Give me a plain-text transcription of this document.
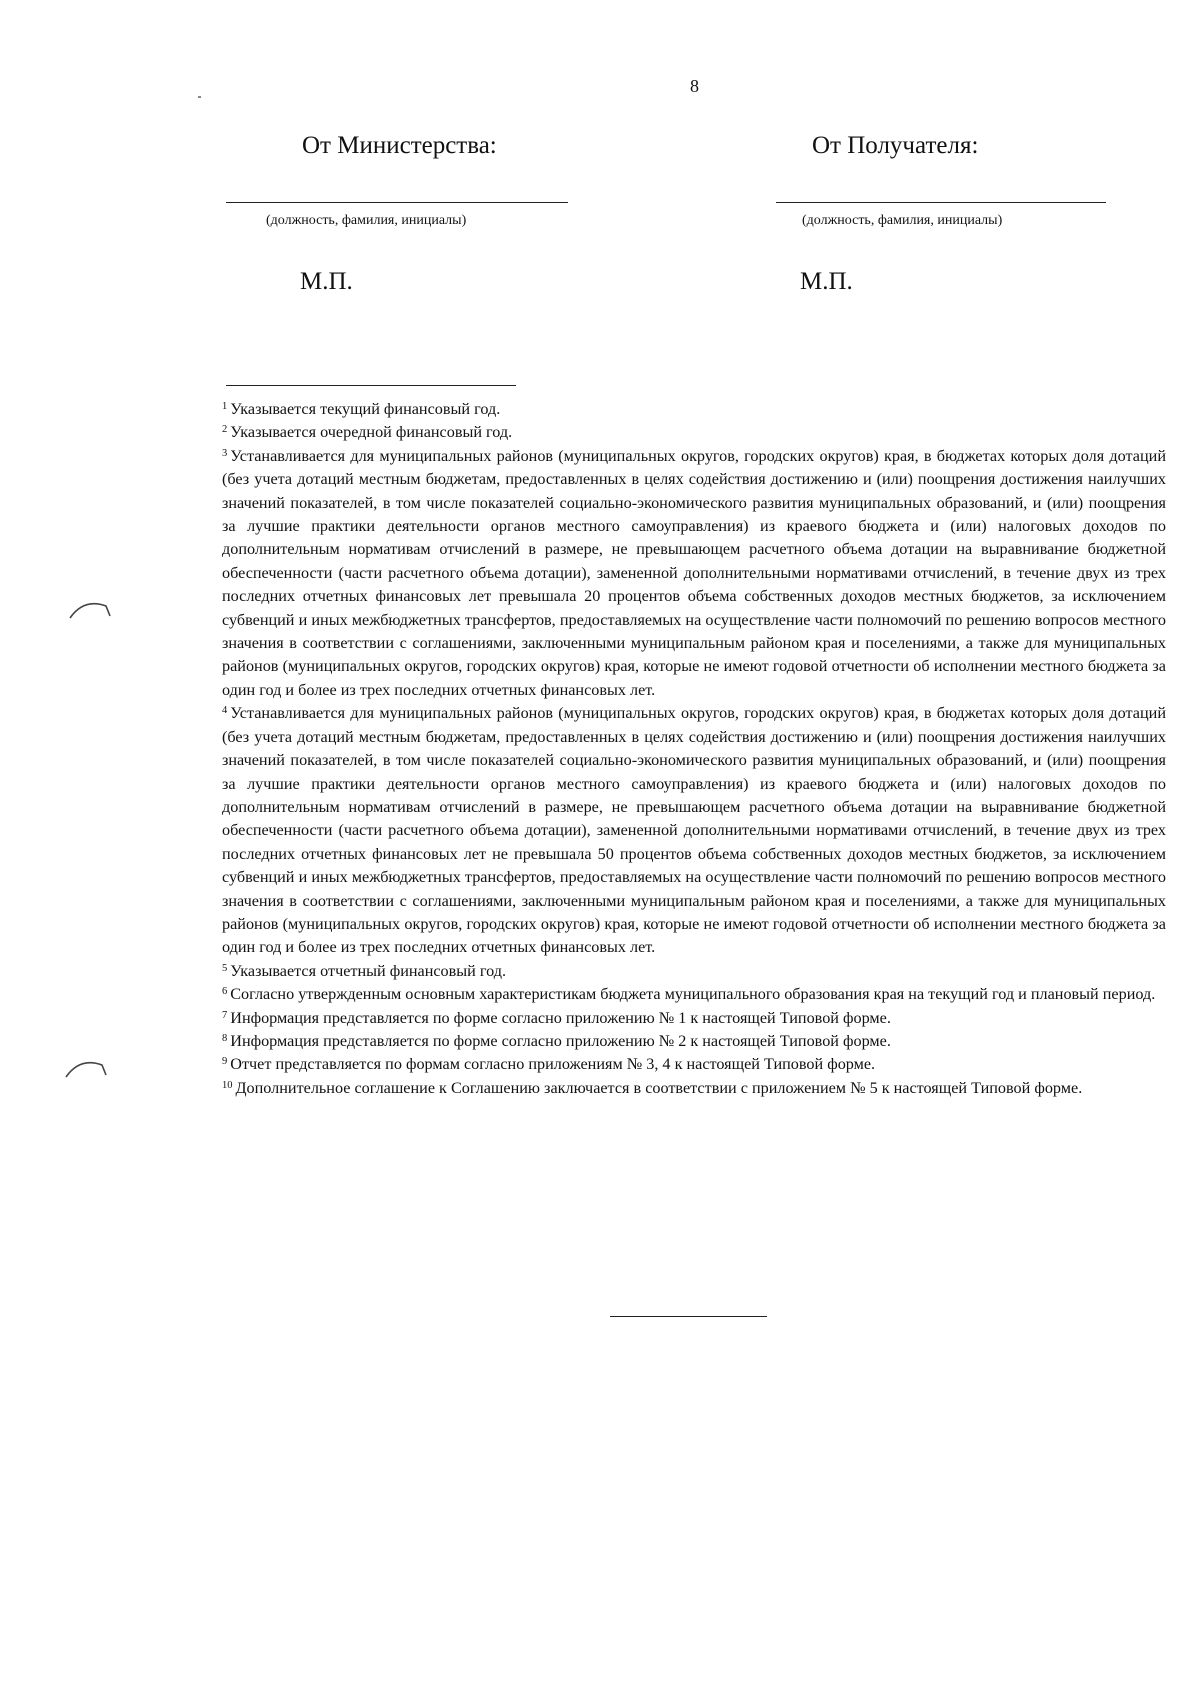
8
От Министерства:	От Получателя:
(должность, фамилия, инициалы)	(должность, фамилия, инициалы)
М.П.	М.П.
$^1$ Указывается текущий финансовый год.
$^2$ Указывается очередной финансовый год.
$^3$ Устанавливается для муниципальных районов (муниципальных округов, городских округов) края, в бюджетах которых доля дотаций (без учета дотаций местным бюджетам, предоставленных в целях содействия достижению и (или) поощрения достижения наилучших значений показателей, в том числе показателей социально-экономического развития муниципальных образований, и (или) поощрения за лучшие практики деятельности органов местного самоуправления) из краевого бюджета и (или) налоговых доходов по дополнительным нормативам отчислений в размере, не превышающем расчетного объема дотации на выравнивание бюджетной обеспеченности (части расчетного объема дотации), замененной дополнительными нормативами отчислений, в течение двух из трех последних отчетных финансовых лет превышала 20 процентов объема собственных доходов местных бюджетов, за исключением субвенций и иных межбюджетных трансфертов, предоставляемых на осуществление части полномочий по решению вопросов местного значения в соответствии с соглашениями, заключенными муниципальным районом края и поселениями, а также для муниципальных районов (муниципальных округов, городских округов) края, которые не имеют годовой отчетности об исполнении местного бюджета за один год и более из трех последних отчетных финансовых лет.
$^4$ Устанавливается для муниципальных районов (муниципальных округов, городских округов) края, в бюджетах которых доля дотаций (без учета дотаций местным бюджетам, предоставленных в целях содействия достижению и (или) поощрения достижения наилучших значений показателей, в том числе показателей социально-экономического развития муниципальных образований, и (или) поощрения за лучшие практики деятельности органов местного самоуправления) из краевого бюджета и (или) налоговых доходов по дополнительным нормативам отчислений в размере, не превышающем расчетного объема дотации на выравнивание бюджетной обеспеченности (части расчетного объема дотации), замененной дополнительными нормативами отчислений, в течение двух из трех последних отчетных финансовых лет не превышала 50 процентов объема собственных доходов местных бюджетов, за исключением субвенций и иных межбюджетных трансфертов, предоставляемых на осуществление части полномочий по решению вопросов местного значения в соответствии с соглашениями, заключенными муниципальным районом края и поселениями, а также для муниципальных районов (муниципальных округов, городских округов) края, которые не имеют годовой отчетности об исполнении местного бюджета за один год и более из трех последних отчетных финансовых лет.
$^5$ Указывается отчетный финансовый год.
$^6$ Согласно утвержденным основным характеристикам бюджета муниципального образования края на текущий год и плановый период.
$^7$ Информация представляется по форме согласно приложению № 1 к настоящей Типовой форме.
$^8$ Информация представляется по форме согласно приложению № 2 к настоящей Типовой форме.
$^9$ Отчет представляется по формам согласно приложениям № 3, 4 к настоящей Типовой форме.
$^{10}$ Дополнительное соглашение к Соглашению заключается в соответствии с приложением № 5 к настоящей Типовой форме.
